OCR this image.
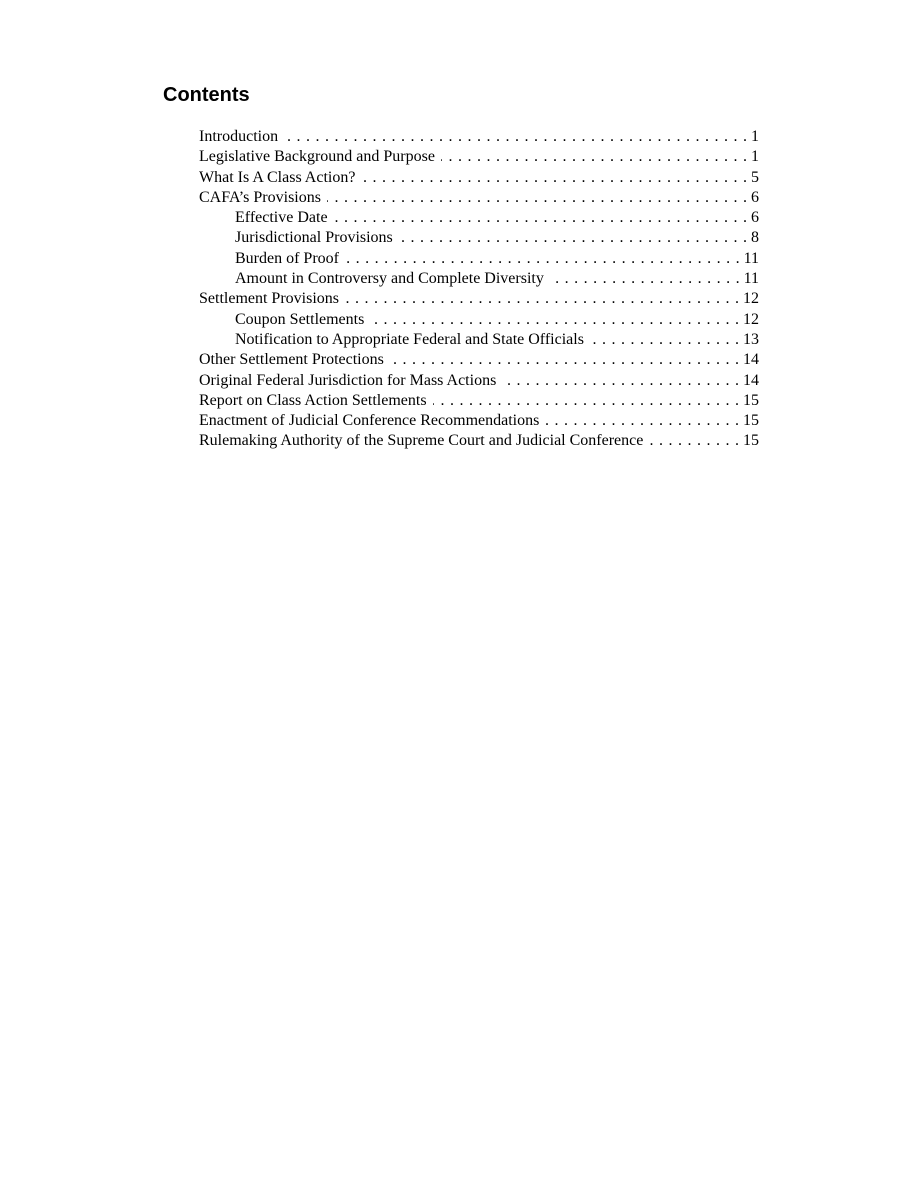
Contents
Introduction . . .	1
Legislative Background and Purpose . . .	1
What Is A Class Action? . . .	5
CAFA’s Provisions . . .	6
Effective Date . . .	6
Jurisdictional Provisions . . .	8
Burden of Proof . . .	11
Amount in Controversy and Complete Diversity . . .	11
Settlement Provisions . . .	12
Coupon Settlements . . .	12
Notification to Appropriate Federal and State Officials . . .	13
Other Settlement Protections . . .	14
Original Federal Jurisdiction for Mass Actions . . .	14
Report on Class Action Settlements . . .	15
Enactment of Judicial Conference Recommendations . . .	15
Rulemaking Authority of the Supreme Court and Judicial Conference . . .	15
